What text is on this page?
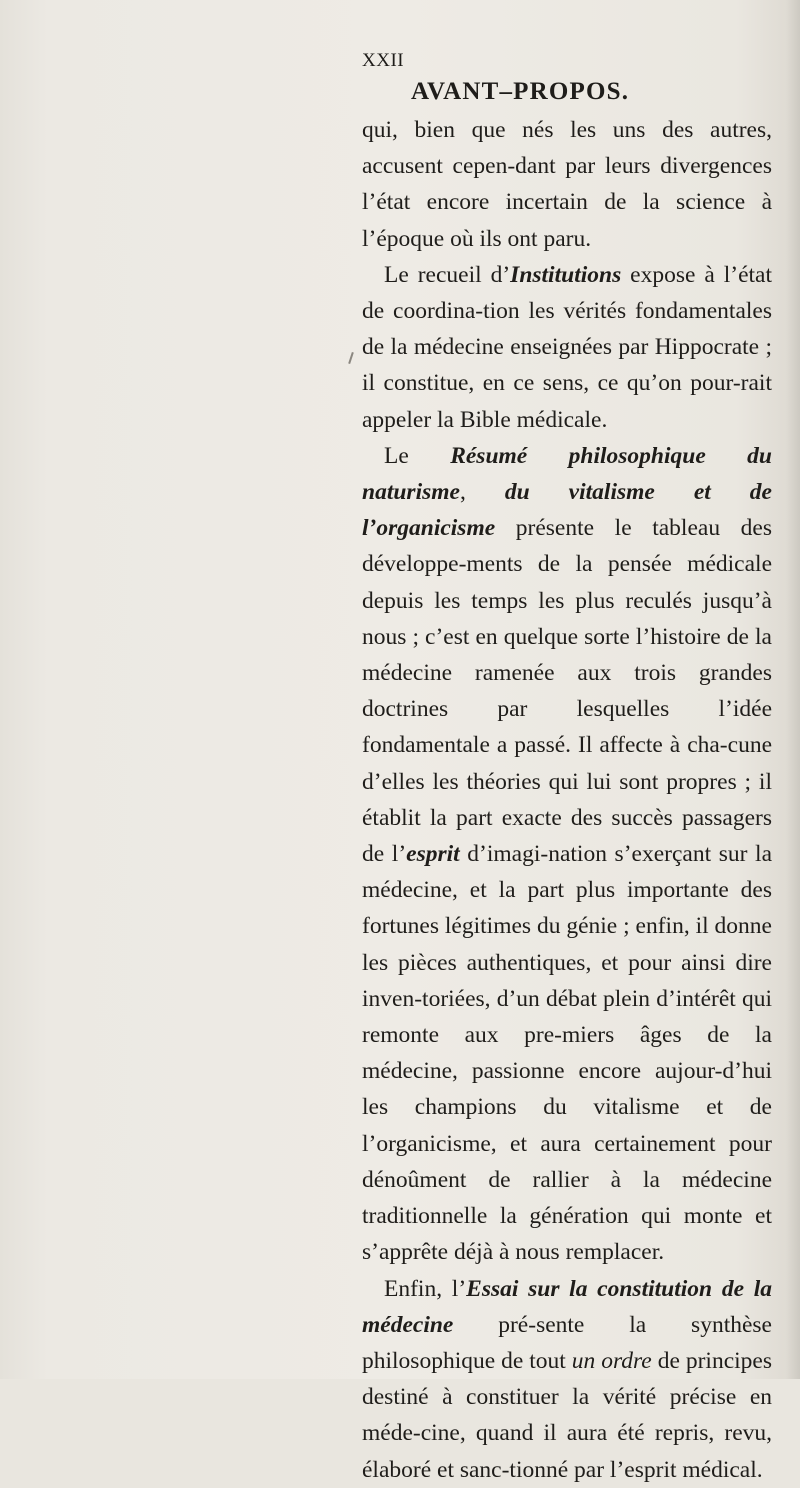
XXII
AVANT–PROPOS.

qui, bien que nés les uns des autres, accusent cepen-dant par leurs divergences l’état encore incertain de la science à l’époque où ils ont paru.

Le recueil d’Institutions expose à l’état de coordina-tion les vérités fondamentales de la médecine enseignées par Hippocrate ; il constitue, en ce sens, ce qu’on pour-rait appeler la Bible médicale.

Le Résumé philosophique du naturisme, du vitalisme et de l’organicisme présente le tableau des développe-ments de la pensée médicale depuis les temps les plus reculés jusqu’à nous ; c’est en quelque sorte l’histoire de la médecine ramenée aux trois grandes doctrines par lesquelles l’idée fondamentale a passé. Il affecte à cha-cune d’elles les théories qui lui sont propres ; il établit la part exacte des succès passagers de l’esprit d’imagi-nation s’exerçant sur la médecine, et la part plus importante des fortunes légitimes du génie ; enfin, il donne les pièces authentiques, et pour ainsi dire inven-toriées, d’un débat plein d’intérêt qui remonte aux pre-miers âges de la médecine, passionne encore aujour-d’hui les champions du vitalisme et de l’organicisme, et aura certainement pour dénoûment de rallier à la médecine traditionnelle la génération qui monte et s’apprête déjà à nous remplacer.

Enfin, l’Essai sur la constitution de la médecine pré-sente la synthèse philosophique de tout un ordre de principes destiné à constituer la vérité précise en méde-cine, quand il aura été repris, revu, élaboré et sanc-tionné par l’esprit médical.
